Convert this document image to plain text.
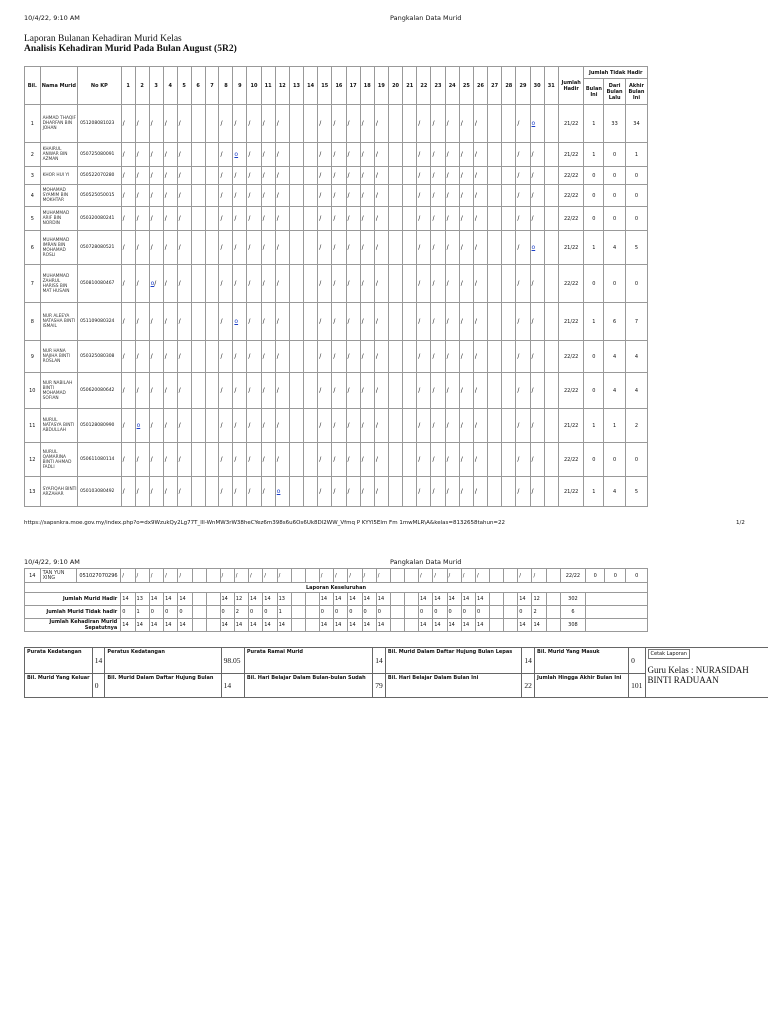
10/4/22, 9:10 AM	Pangkalan Data Murid
Laporan Bulanan Kehadiran Murid Kelas
Analisis Kehadiran Murid Pada Bulan August (5R2)
Bil.	Nama Murid	No KP	1	2	3	4	5	6	7	8	9	10	11	12	13	14	15	16	17	18	19	20	21	22	23	24	25	26	27	28	29	30	31	Jumlah Hadir	Jumlah Tidak Hadir		
																																			Bulan Ini	Dari Bulan Lalu	Akhir Bulan Ini
1	AHMAD THAQIF DHARFAN BIN JOHAN	051208081023	/	/	/	/	/			/	/	/	/	/			/	/	/	/	/			/	/	/	/	/			/	o		21/22	1	33	34
2	KHAIRUL ANWAR BIN AZMAN	050725080091	/	/	/	/	/			/	o	/	/	/			/	/	/	/	/			/	/	/	/	/			/	/		21/22	1	0	1
3	KHOR HUI YI	050522070280	/	/	/	/	/			/	/	/	/	/			/	/	/	/	/			/	/	/	/	/			/	/		22/22	0	0	0
4	MOHAMAD SYAMIM BIN MOKHTAR	050525050015	/	/	/	/	/			/	/	/	/	/			/	/	/	/	/			/	/	/	/	/			/	/		22/22	0	0	0
5	MUHAMMAD ARIF BIN NORDIN	050320080241	/	/	/	/	/			/	/	/	/	/			/	/	/	/	/			/	/	/	/	/			/	/		22/22	0	0	0
6	MUHAMMAD IMRAN BIN MOHAMAD ROSLI	050728080521	/	/	/	/	/			/	/	/	/	/			/	/	/	/	/			/	/	/	/	/			/	o		21/22	1	4	5
7	MUHAMMAD ZAHRUL HARISS BIN MAT HUSAIN	050810080467	/	/	o/	/	/			/	/	/	/	/			/	/	/	/	/			/	/	/	/	/			/	/		22/22	0	0	0
8	NUR ALEEYA NATASHA BINTI ISMAIL	051109080324	/	/	/	/	/			/	o	/	/	/			/	/	/	/	/			/	/	/	/	/			/	/		21/22	1	6	7
9	NUR HANA NAJIHA BINTI ROSLAN	050325080308	/	/	/	/	/			/	/	/	/	/			/	/	/	/	/			/	/	/	/	/			/	/		22/22	0	4	4
10	NUR NABILAH BINTI MOHAMAD SOFIAN	050620080642	/	/	/	/	/			/	/	/	/	/			/	/	/	/	/			/	/	/	/	/			/	/		22/22	0	4	4
11	NURUL NATASYA BINTI ABDULLAH	050128080990	/	o	/	/	/			/	/	/	/	/			/	/	/	/	/			/	/	/	/	/			/	/		21/22	1	1	2
12	NURUL QAMARINA BINTI AHMAD FADLI	050611080114	/	/	/	/	/			/	/	/	/	/			/	/	/	/	/			/	/	/	/	/			/	/		22/22	0	0	0
13	SYAFIQAH BINTI ARZAHAR	050103080492	/	/	/	/	/			/	/	/	/	o			/	/	/	/	/			/	/	/	/	/			/	/		21/22	1	4	5
https://sapsnkra.moe.gov.my/index.php?o=dx9WzukQy2Lg77T_lll-WnMW3rW38heCYez6m398s6u6Os6Uk8Dl2WW_Vfmq P KYYl5Elm Fm 1mwMLR\A&kelas=8132658tahun=22	1/2
10/4/22, 9:10 AM	Pangkalan Data Murid
14	TAN YUN XING	051027070296	/	/	/	/	/			/	/	/	/	/			/	/	/	/	/			/	/	/	/	/			/	/		22/22	0	0	0
Laporan Keseluruhan																																					
Jumlah Murid Hadir			14	13	14	14	14			14	12	14	14	13			14	14	14	14	14			14	14	14	14	14			14	12		302			
Jumlah Murid Tidak hadir			0	1	0	0	0			0	2	0	0	1			0	0	0	0	0			0	0	0	0	0			0	2		6			
Jumlah Kehadiran Murid Sepatutnya			14	14	14	14	14			14	14	14	14	14			14	14	14	14	14			14	14	14	14	14			14	14		308			
Purata Kedatangan	14	Peratus Kedatangan	98.05	Purata Ramai Murid	14	Bil. Murid Dalam Daftar Hujung Bulan Lepas	14	Bil. Murid Yang Masuk	0	Cetak Laporan
Guru Kelas : NURASIDAH BINTI RADUAAN

Bil. Murid Yang Keluar	0	Bil. Murid Dalam Daftar Hujung Bulan	14	Bil. Hari Belajar Dalam Bulan-bulan Sudah	79	Bil. Hari Belajar Dalam Bulan Ini	22	Jumlah Hingga Akhir Bulan Ini	101	
